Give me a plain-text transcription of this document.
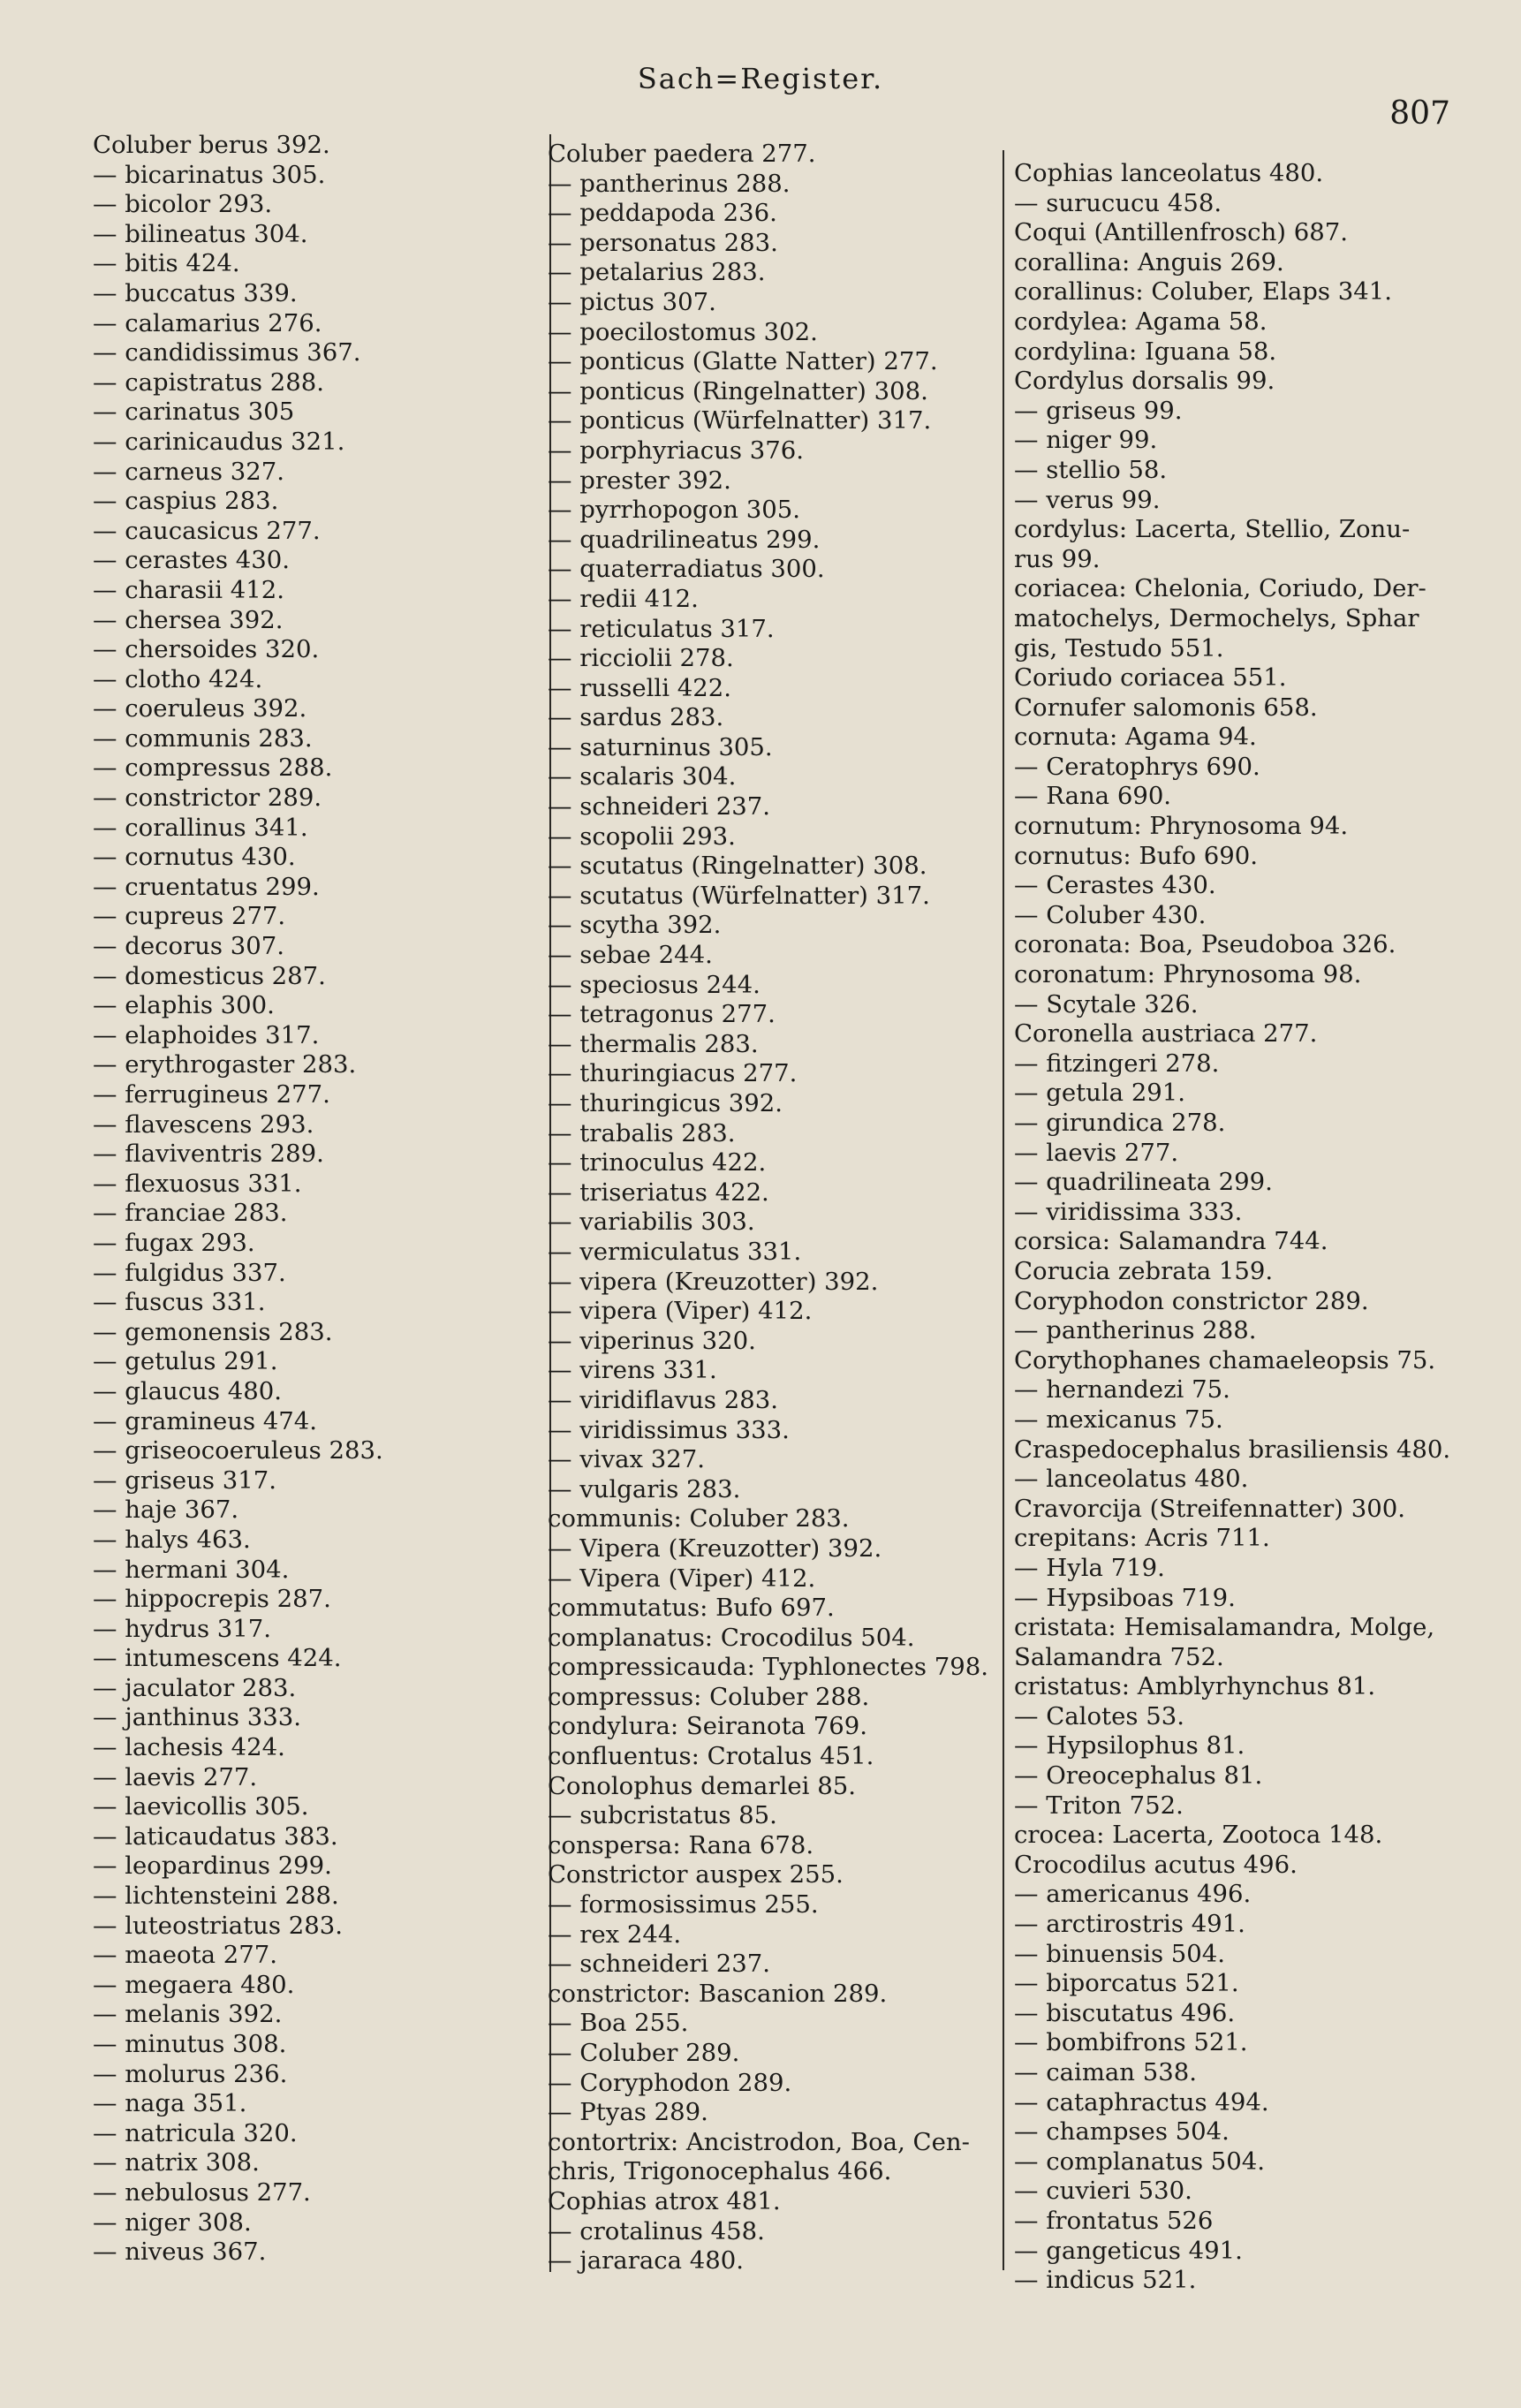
Sach=Register.
807
Coluber berus 392.
— bicarinatus 305.
— bicolor 293.
— bilineatus 304.
— bitis 424.
— buccatus 339.
— calamarius 276.
— candidissimus 367.
— capistratus 288.
— carinatus 305
— carinicaudus 321.
— carneus 327.
— caspius 283.
— caucasicus 277.
— cerastes 430.
— charasii 412.
— chersea 392.
— chersoides 320.
— clotho 424.
— coeruleus 392.
— communis 283.
— compressus 288.
— constrictor 289.
— corallinus 341.
— cornutus 430.
— cruentatus 299.
— cupreus 277.
— decorus 307.
— domesticus 287.
— elaphis 300.
— elaphoides 317.
— erythrogaster 283.
— ferrugineus 277.
— flavescens 293.
— flaviventris 289.
— flexuosus 331.
— franciae 283.
— fugax 293.
— fulgidus 337.
— fuscus 331.
— gemonensis 283.
— getulus 291.
— glaucus 480.
— gramineus 474.
— griseocoeruleus 283.
— griseus 317.
— haje 367.
— halys 463.
— hermani 304.
— hippocrepis 287.
— hydrus 317.
— intumescens 424.
— jaculator 283.
— janthinus 333.
— lachesis 424.
— laevis 277.
— laevicollis 305.
— laticaudatus 383.
— leopardinus 299.
— lichtensteini 288.
— luteostriatus 283.
— maeota 277.
— megaera 480.
— melanis 392.
— minutus 308.
— molurus 236.
— naga 351.
— natricula 320.
— natrix 308.
— nebulosus 277.
— niger 308.
— niveus 367.
Coluber paedera 277.
— pantherinus 288.
— peddapoda 236.
— personatus 283.
— petalarius 283.
— pictus 307.
— poecilostomus 302.
— ponticus (Glatte Natter) 277.
— ponticus (Ringelnatter) 308.
— ponticus (Würfelnatter) 317.
— porphyriacus 376.
— prester 392.
— pyrrhopogon 305.
— quadrilineatus 299.
— quaterradiatus 300.
— redii 412.
— reticulatus 317.
— ricciolii 278.
— russelli 422.
— sardus 283.
— saturninus 305.
— scalaris 304.
— schneideri 237.
— scopolii 293.
— scutatus (Ringelnatter) 308.
— scutatus (Würfelnatter) 317.
— scytha 392.
— sebae 244.
— speciosus 244.
— tetragonus 277.
— thermalis 283.
— thuringiacus 277.
— thuringicus 392.
— trabalis 283.
— trinoculus 422.
— triseriatus 422.
— variabilis 303.
— vermiculatus 331.
— vipera (Kreuzotter) 392.
— vipera (Viper) 412.
— viperinus 320.
— virens 331.
— viridiflavus 283.
— viridissimus 333.
— vivax 327.
— vulgaris 283.
communis: Coluber 283.
— Vipera (Kreuzotter) 392.
— Vipera (Viper) 412.
commutatus: Bufo 697.
complanatus: Crocodilus 504.
compressicauda: Typhlonectes 798.
compressus: Coluber 288.
condylura: Seiranota 769.
confluentus: Crotalus 451.
Conolophus demarlei 85.
— subcristatus 85.
conspersa: Rana 678.
Constrictor auspex 255.
— formosissimus 255.
— rex 244.
— schneideri 237.
constrictor: Bascanion 289.
— Boa 255.
— Coluber 289.
— Coryphodon 289.
— Ptyas 289.
contortrix: Ancistrodon, Boa, Cen-
chris, Trigonocephalus 466.
Cophias atrox 481.
— crotalinus 458.
— jararaca 480.
Cophias lanceolatus 480.
— surucucu 458.
Coqui (Antillenfrosch) 687.
corallina: Anguis 269.
corallinus: Coluber, Elaps 341.
cordylea: Agama 58.
cordylina: Iguana 58.
Cordylus dorsalis 99.
— griseus 99.
— niger 99.
— stellio 58.
— verus 99.
cordylus: Lacerta, Stellio, Zonu-
rus 99.
coriacea: Chelonia, Coriudo, Der-
matochelys, Dermochelys, Sphar
gis, Testudo 551.
Coriudo coriacea 551.
Cornufer salomonis 658.
cornuta: Agama 94.
— Ceratophrys 690.
— Rana 690.
cornutum: Phrynosoma 94.
cornutus: Bufo 690.
— Cerastes 430.
— Coluber 430.
coronata: Boa, Pseudoboa 326.
coronatum: Phrynosoma 98.
— Scytale 326.
Coronella austriaca 277.
— fitzingeri 278.
— getula 291.
— girundica 278.
— laevis 277.
— quadrilineata 299.
— viridissima 333.
corsica: Salamandra 744.
Corucia zebrata 159.
Coryphodon constrictor 289.
— pantherinus 288.
Corythophanes chamaeleopsis 75.
— hernandezi 75.
— mexicanus 75.
Craspedocephalus brasiliensis 480.
— lanceolatus 480.
Cravorcija (Streifennatter) 300.
crepitans: Acris 711.
— Hyla 719.
— Hypsiboas 719.
cristata: Hemisalamandra, Molge,
Salamandra 752.
cristatus: Amblyrhynchus 81.
— Calotes 53.
— Hypsilophus 81.
— Oreocephalus 81.
— Triton 752.
crocea: Lacerta, Zootoca 148.
Crocodilus acutus 496.
— americanus 496.
— arctirostris 491.
— binuensis 504.
— biporcatus 521.
— biscutatus 496.
— bombifrons 521.
— caiman 538.
— cataphractus 494.
— champses 504.
— complanatus 504.
— cuvieri 530.
— frontatus 526
— gangeticus 491.
— indicus 521.
